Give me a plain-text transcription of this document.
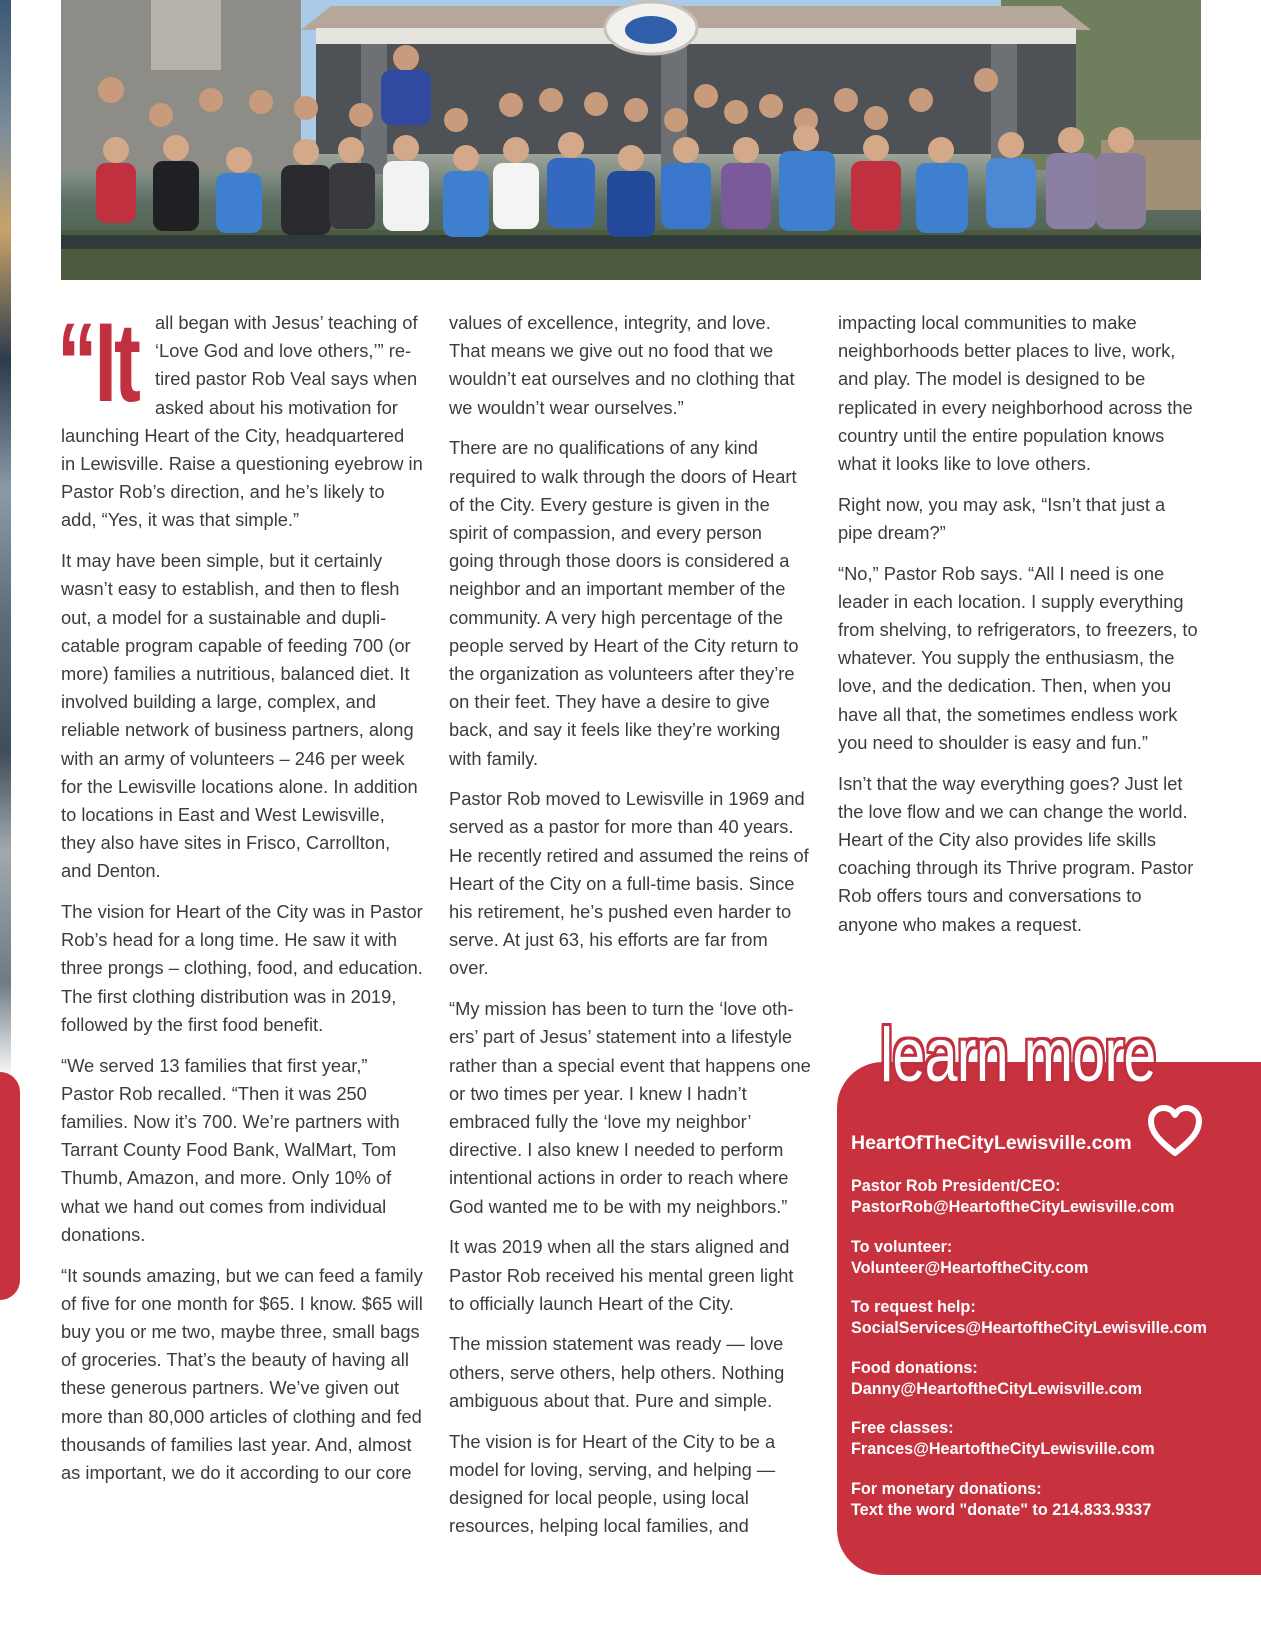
“It all began with Jesus’ teaching of ‘Love God and love others,’” retired pastor Rob Veal says when asked about his motivation for launching Heart of the City, headquartered in Lewisville. Raise a questioning eyebrow in Pastor Rob’s direction, and he’s likely to add, “Yes, it was that simple.”

It may have been simple, but it certainly wasn’t easy to establish, and then to flesh out, a model for a sustainable and duplicatable program capable of feeding 700 (or more) families a nutritious, balanced diet. It involved building a large, complex, and reliable network of business partners, along with an army of volunteers – 246 per week for the Lewisville locations alone. In addition to locations in East and West Lewisville, they also have sites in Frisco, Carrollton, and Denton.

The vision for Heart of the City was in Pastor Rob’s head for a long time. He saw it with three prongs – clothing, food, and education. The first clothing distribution was in 2019, followed by the first food benefit.

“We served 13 families that first year,” Pastor Rob recalled. “Then it was 250 families. Now it’s 700. We’re partners with Tarrant County Food Bank, WalMart, Tom Thumb, Amazon, and more. Only 10% of what we hand out comes from individual donations.

“It sounds amazing, but we can feed a family of five for one month for $65. I know. $65 will buy you or me two, maybe three, small bags of groceries. That’s the beauty of having all these generous partners. We’ve given out more than 80,000 articles of clothing and fed thousands of families last year. And, almost as important, we do it according to our core

values of excellence, integrity, and love. That means we give out no food that we wouldn’t eat ourselves and no clothing that we wouldn’t wear ourselves.”

There are no qualifications of any kind required to walk through the doors of Heart of the City. Every gesture is given in the spirit of compassion, and every person going through those doors is considered a neighbor and an important member of the community. A very high percentage of the people served by Heart of the City return to the organization as volunteers after they’re on their feet. They have a desire to give back, and say it feels like they’re working with family.

Pastor Rob moved to Lewisville in 1969 and served as a pastor for more than 40 years. He recently retired and assumed the reins of Heart of the City on a full-time basis. Since his retirement, he’s pushed even harder to serve. At just 63, his efforts are far from over.

“My mission has been to turn the ‘love others’ part of Jesus’ statement into a lifestyle rather than a special event that happens one or two times per year. I knew I hadn’t embraced fully the ‘love my neighbor’ directive. I also knew I needed to perform intentional actions in order to reach where God wanted me to be with my neighbors.”

It was 2019 when all the stars aligned and Pastor Rob received his mental green light to officially launch Heart of the City.

The mission statement was ready — love others, serve others, help others. Nothing ambiguous about that. Pure and simple.

The vision is for Heart of the City to be a model for loving, serving, and helping — designed for local people, using local resources, helping local families, and

impacting local communities to make neighborhoods better places to live, work, and play. The model is designed to be replicated in every neighborhood across the country until the entire population knows what it looks like to love others.

Right now, you may ask, “Isn’t that just a pipe dream?”

“No,” Pastor Rob says. “All I need is one leader in each location. I supply everything from shelving, to refrigerators, to freezers, to whatever. You supply the enthusiasm, the love, and the dedication. Then, when you have all that, the sometimes endless work you need to shoulder is easy and fun.”

Isn’t that the way everything goes? Just let the love flow and we can change the world. Heart of the City also provides life skills coaching through its Thrive program. Pastor Rob offers tours and conversations to anyone who makes a request.

learn more
HeartOfTheCityLewisville.com
Pastor Rob President/CEO:
PastorRob@HeartoftheCityLewisville.com
To volunteer:
Volunteer@HeartoftheCity.com
To request help:
SocialServices@HeartoftheCityLewisville.com
Food donations:
Danny@HeartoftheCityLewisville.com
Free classes:
Frances@HeartoftheCityLewisville.com
For monetary donations:
Text the word "donate" to 214.833.9337
